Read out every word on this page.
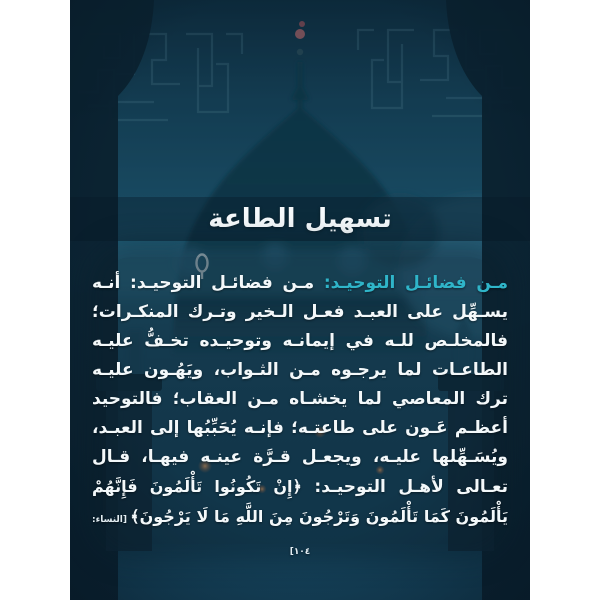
تسهيل الطاعة

مـن فضائـل التوحيـد: مـن فضائـل التوحيـد: أنـه يسـهِّل على العبـد فعـل الـخير وتـرك المنكـرات؛ فالمخلـص للـه في إيمانـه وتوحيـده تخـفُّ عليـه الطاعـات لما يرجـوه مـن الثـواب، ويَهُـون عليـه ترك المعاصي لما يخشـاه مـن العقاب؛ فالتوحيد أعظـم عَـون على طاعتـه؛ فإنـه يُحَبِّبُها إلى العبـد، ويُسَـهِّلها عليـه، ويجعـل قـرَّة عينـه فيهـا، قـال تعـالى لأهـل التوحيـد: ﴿إِنْ تَكُونُوا تَأْلَمُونَ فَإِنَّهُمْ يَأْلَمُونَ كَمَا تَأْلَمُونَ وَتَرْجُونَ مِنَ اللَّهِ مَا لَا يَرْجُونَ﴾ [النساء: ١٠٤]
